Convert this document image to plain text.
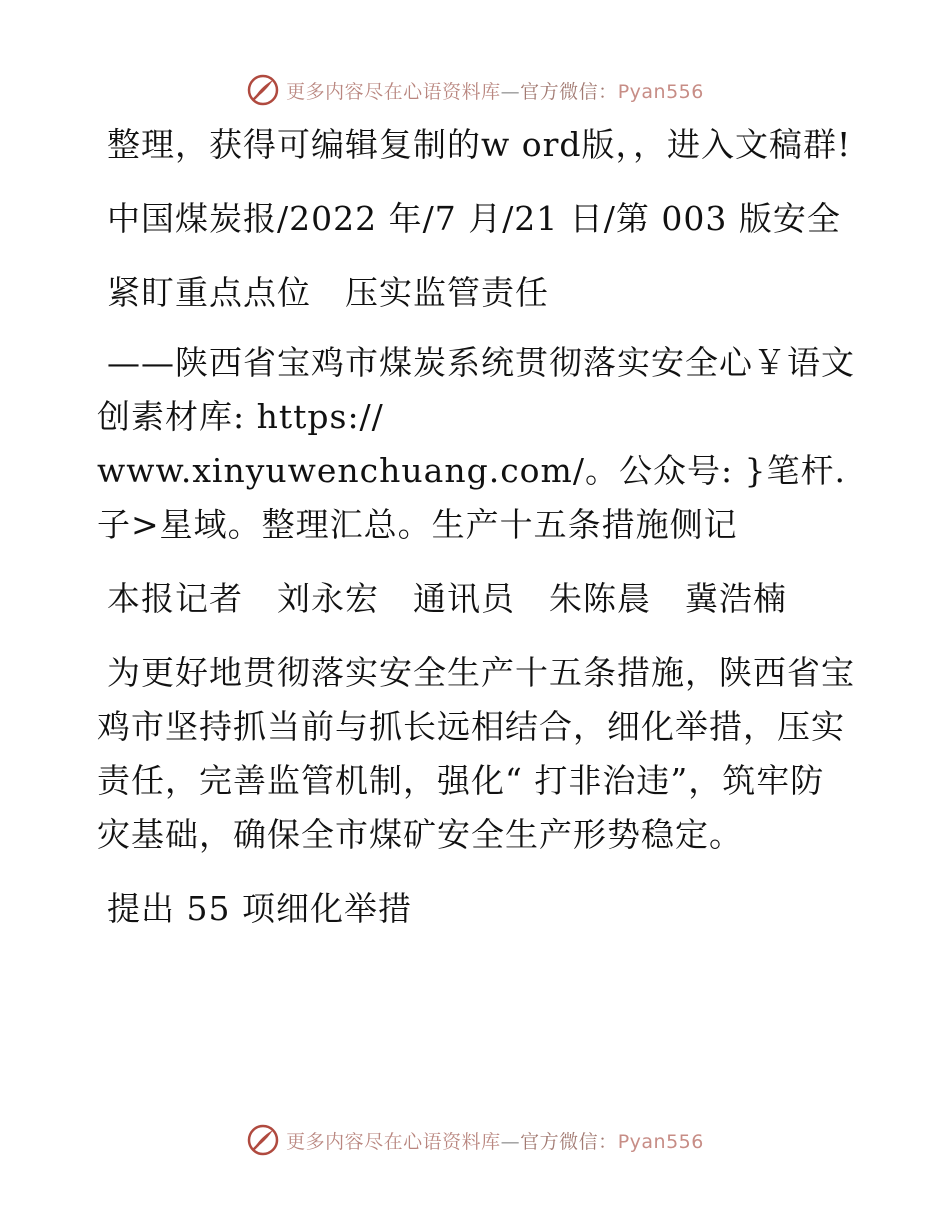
更多内容尽在心语资料库—官方微信：Pyan556

整理，获得可编辑复制的w ord版，，进入文稿群!

中国煤炭报/2022 年/7 月/21 日/第 003 版安全

紧盯重点点位　压实监管责任

——陕西省宝鸡市煤炭系统贯彻落实安全心￥语文创素材库: https://

www.xinyuwenchuang.com/。公众号: }笔杆.子>星域。整理汇总。生产十五条措施侧记

本报记者　刘永宏　通讯员　朱陈晨　冀浩楠

为更好地贯彻落实安全生产十五条措施，陕西省宝鸡市坚持抓当前与抓长远相结合，细化举措，压实责任，完善监管机制，强化“ 打非治违”，筑牢防灾基础，确保全市煤矿安全生产形势稳定。

提出 55 项细化举措

更多内容尽在心语资料库—官方微信：Pyan556
